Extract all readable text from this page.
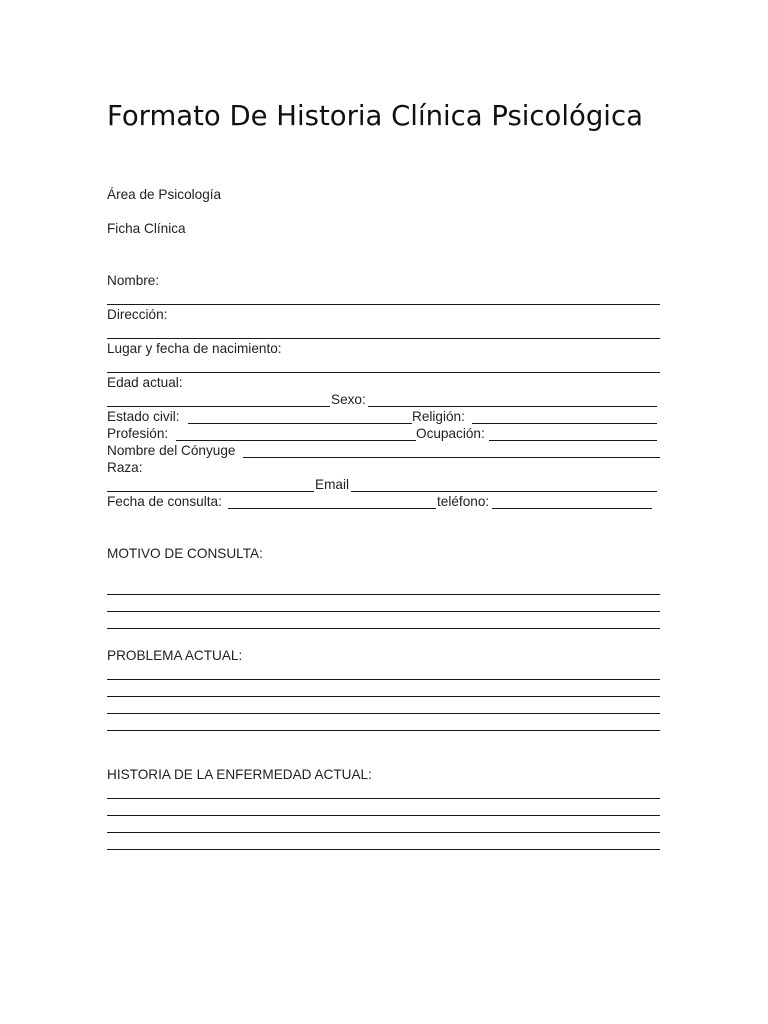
Formato De Historia Clínica Psicológica
Área de Psicología
Ficha Clínica
Nombre:
Dirección:
Lugar y fecha de nacimiento:
Edad actual:
Sexo:
Estado civil:	Religión:
Profesión:	Ocupación:
Nombre del Cónyuge
Raza:
Email
Fecha de consulta:	teléfono:
MOTIVO DE CONSULTA:
PROBLEMA ACTUAL:
HISTORIA DE LA ENFERMEDAD ACTUAL:
